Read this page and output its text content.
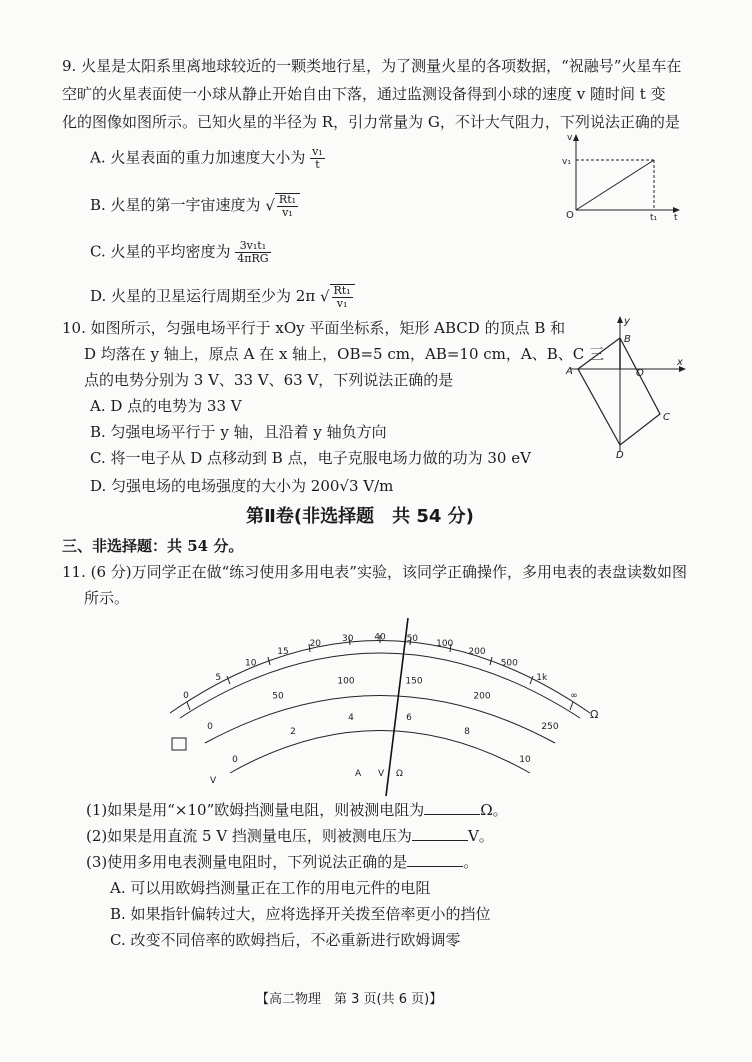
9. 火星是太阳系里离地球较近的一颗类地行星，为了测量火星的各项数据，“祝融号”火星车在
空旷的火星表面使一小球从静止开始自由下落，通过监测设备得到小球的速度 v 随时间 t 变
化的图像如图所示。已知火星的半径为 R，引力常量为 G，不计大气阻力，下列说法正确的是
A. 火星表面的重力加速度大小为 $\frac{\text{v₁}}{t}$
B. 火星的第一宇宙速度为 √ $\frac{\text{Rt₁}}{\text{v₁}}$
C. 火星的平均密度为 $\frac{\text{3v₁t₁}}{\text{4πRG}}$
D. 火星的卫星运行周期至少为 2π √ $\frac{\text{Rt₁}}{\text{v₁}}$
v
v₁
O	t₁ t
10. 如图所示，匀强电场平行于 xOy 平面坐标系，矩形 ABCD 的顶点 B 和
D 均落在 y 轴上，原点 A 在 x 轴上，OB=5 cm，AB=10 cm，A、B、C 三
点的电势分别为 3 V、33 V、63 V，下列说法正确的是
A. D 点的电势为 33 V
B. 匀强电场平行于 y 轴，且沿着 y 轴负方向
C. 将一电子从 D 点移动到 B 点，电子克服电场力做的功为 30 eV
D. 匀强电场的电场强度的大小为 200√3 V/m
y
B
A	O
x
C
D
第Ⅱ卷(非选择题　共 54 分)
三、非选择题：共 54 分。
11. (6 分)万同学正在做“练习使用多用电表”实验，该同学正确操作，多用电表的表盘读数如图
所示。
0
5
10
15
20 30 40 50 100
200
500
1k
∞
0
50
100	150
200
250
0
2
4	6
8
10
Ω
A V Ω
V
(1)如果是用“×10”欧姆挡测量电阻，则被测电阻为	Ω。
(2)如果是用直流 5 V 挡测量电压，则被测电压为	V。
(3)使用多用电表测量电阻时，下列说法正确的是	。
A. 可以用欧姆挡测量正在工作的用电元件的电阻
B. 如果指针偏转过大，应将选择开关拨至倍率更小的挡位
C. 改变不同倍率的欧姆挡后，不必重新进行欧姆调零
【高二物理　第 3 页(共 6 页)】
